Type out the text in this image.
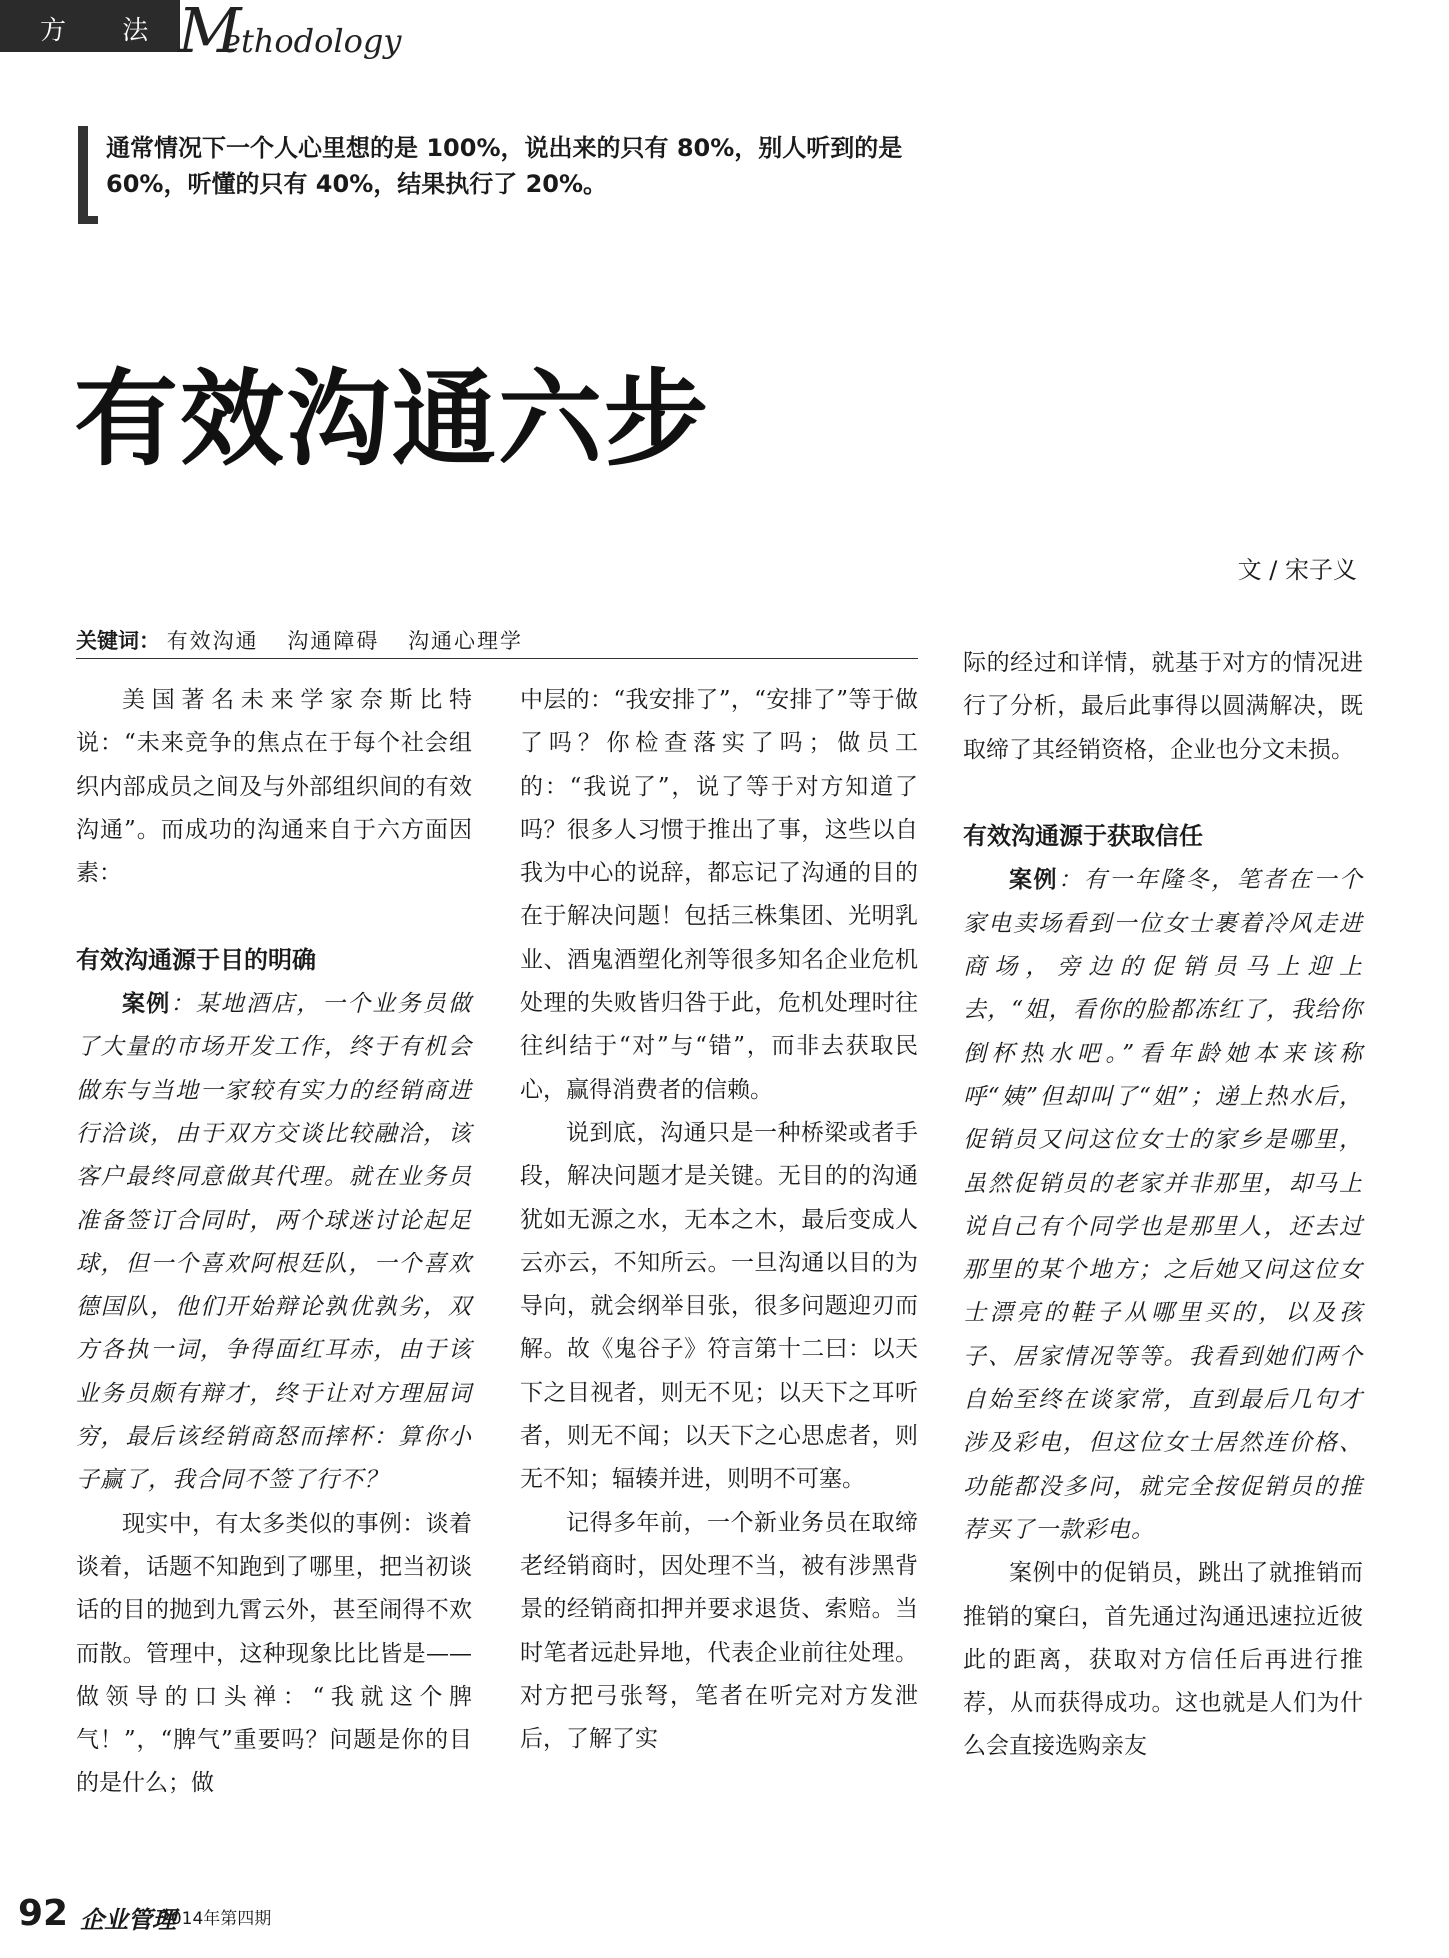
方 法 M
ethodology
通常情况下一个人心里想的是 100%，说出来的只有 80%，别人听到的是 60%，听懂的只有 40%，结果执行了 20%。
有效沟通六步
文 / 宋子义
关键词： 有效沟通 沟通障碍 沟通心理学

美国著名未来学家奈斯比特说：“未来竞争的焦点在于每个社会组织内部成员之间及与外部组织间的有效沟通”。而成功的沟通来自于六方面因素：

有效沟通源于目的明确

案例：某地酒店，一个业务员做了大量的市场开发工作，终于有机会做东与当地一家较有实力的经销商进行洽谈，由于双方交谈比较融洽，该客户最终同意做其代理。就在业务员准备签订合同时，两个球迷讨论起足球，但一个喜欢阿根廷队，一个喜欢德国队，他们开始辩论孰优孰劣，双方各执一词，争得面红耳赤，由于该业务员颇有辩才，终于让对方理屈词穷，最后该经销商怒而摔杯：算你小子赢了，我合同不签了行不？

现实中，有太多类似的事例：谈着谈着，话题不知跑到了哪里，把当初谈话的目的抛到九霄云外，甚至闹得不欢而散。管理中，这种现象比比皆是——做领导的口头禅：“我就这个脾气！”，“脾气”重要吗？问题是你的目的是什么；做

中层的：“我安排了”，“安排了”等于做了吗？你检查落实了吗；做员工的：“我说了”，说了等于对方知道了吗？很多人习惯于推出了事，这些以自我为中心的说辞，都忘记了沟通的目的在于解决问题！包括三株集团、光明乳业、酒鬼酒塑化剂等很多知名企业危机处理的失败皆归咎于此，危机处理时往往纠结于“对”与“错”，而非去获取民心，赢得消费者的信赖。

说到底，沟通只是一种桥梁或者手段，解决问题才是关键。无目的的沟通犹如无源之水，无本之木，最后变成人云亦云，不知所云。一旦沟通以目的为导向，就会纲举目张，很多问题迎刃而解。故《鬼谷子》符言第十二曰：以天下之目视者，则无不见；以天下之耳听者，则无不闻；以天下之心思虑者，则无不知；辐辏并进，则明不可塞。

记得多年前，一个新业务员在取缔老经销商时，因处理不当，被有涉黑背景的经销商扣押并要求退货、索赔。当时笔者远赴异地，代表企业前往处理。对方把弓张弩，笔者在听完对方发泄后，了解了实

际的经过和详情，就基于对方的情况进行了分析，最后此事得以圆满解决，既取缔了其经销资格，企业也分文未损。

有效沟通源于获取信任

案例：有一年隆冬，笔者在一个家电卖场看到一位女士裹着冷风走进商场，旁边的促销员马上迎上去，“姐，看你的脸都冻红了，我给你倒杯热水吧。”看年龄她本来该称呼“姨”但却叫了“姐”；递上热水后，促销员又问这位女士的家乡是哪里，虽然促销员的老家并非那里，却马上说自己有个同学也是那里人，还去过那里的某个地方；之后她又问这位女士漂亮的鞋子从哪里买的，以及孩子、居家情况等等。我看到她们两个自始至终在谈家常，直到最后几句才涉及彩电，但这位女士居然连价格、功能都没多问，就完全按促销员的推荐买了一款彩电。

案例中的促销员，跳出了就推销而推销的窠臼，首先通过沟通迅速拉近彼此的距离，获取对方信任后再进行推荐，从而获得成功。这也就是人们为什么会直接选购亲友

92 企业管理
2014年第四期
